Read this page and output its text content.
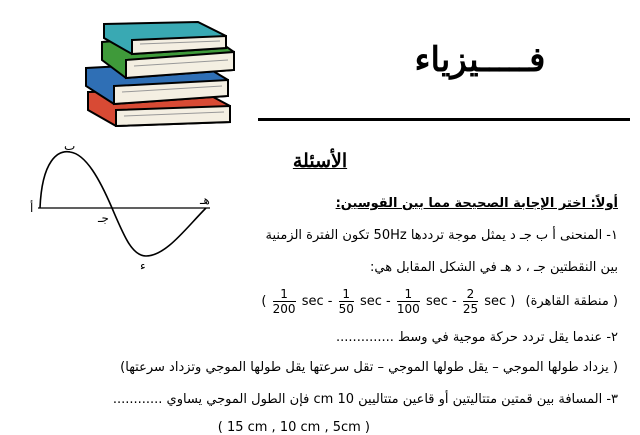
فـــــيزياء
أ
ب
جـ
ء
هـ
الأسئلة
أولاً: اختر الإجابة الصحيحة مما بين القوسين:
١- المنحنى أ ب جـ د يمثل موجة ترددها 50Hz تكون الفترة الزمنية
بين النقطتين جـ ، د هـ في الشكل المقابل هي:
( منطقة القاهرة) ( $\frac{1}{200}$ sec - $\frac{1}{50}$ sec - $\frac{1}{100}$ sec - $\frac{2}{25}$ sec )
٢- عندما يقل تردد حركة موجية في وسط ..............
( يزداد طولها الموجي – يقل طولها الموجي – تقل سرعتها يقل طولها الموجي وتزداد سرعتها)
٣- المسافة بين قمتين متتاليتين أو قاعين متتاليين 10 cm فإن الطول الموجي يساوي ............
( 15 cm , 10 cm , 5cm )
